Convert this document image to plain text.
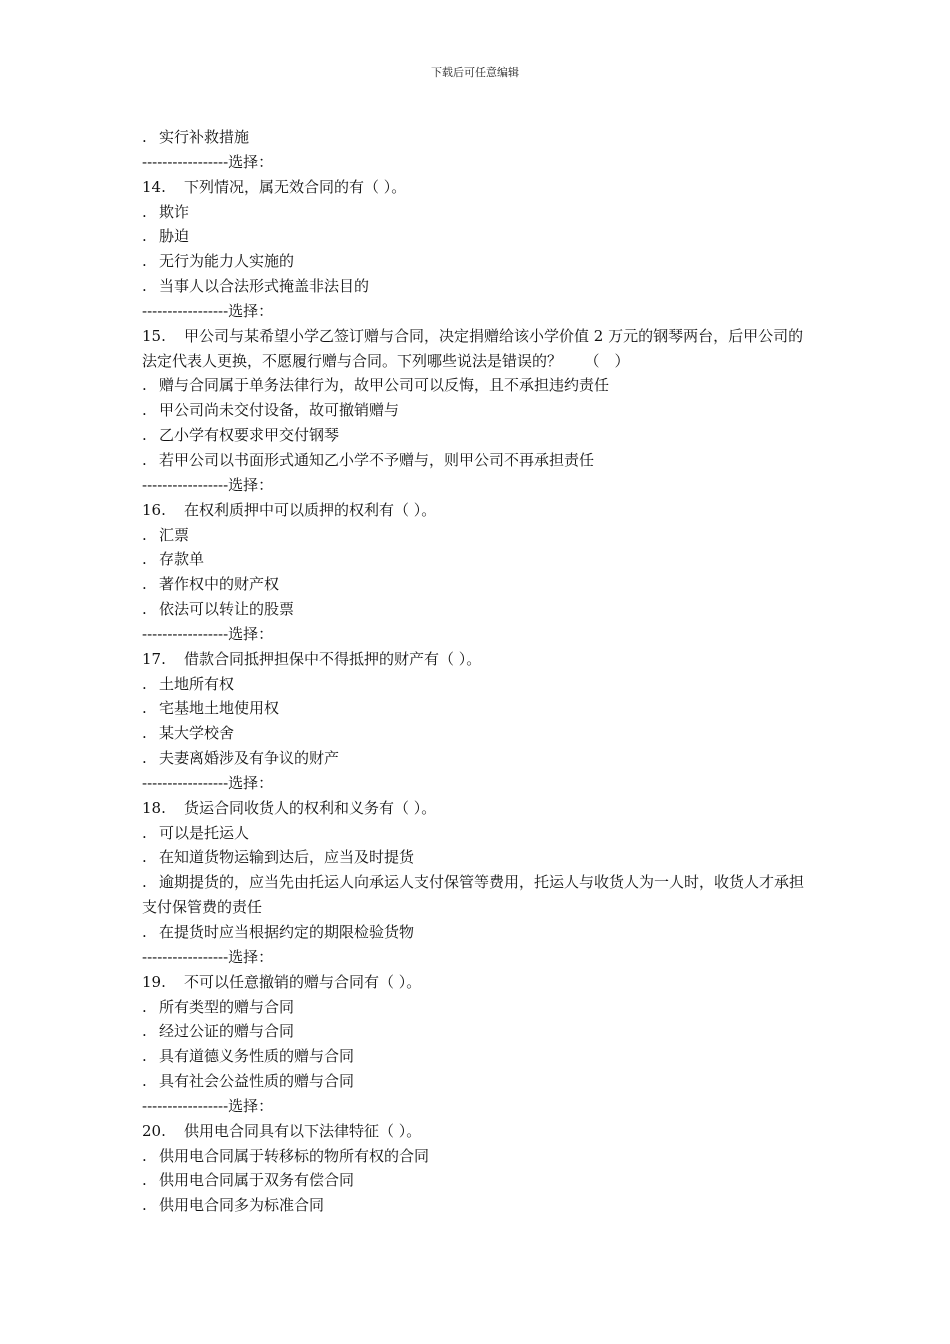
下载后可任意编辑
. 实行补救措施
-----------------选择：
14. 下列情况，属无效合同的有（ ）。
. 欺诈
. 胁迫
. 无行为能力人实施的
. 当事人以合法形式掩盖非法目的
-----------------选择：
15. 甲公司与某希望小学乙签订赠与合同，决定捐赠给该小学价值 2 万元的钢琴两台，后甲公司的法定代表人更换，不愿履行赠与合同。下列哪些说法是错误的？　　（　）
. 赠与合同属于单务法律行为，故甲公司可以反悔，且不承担违约责任
. 甲公司尚未交付设备，故可撤销赠与
. 乙小学有权要求甲交付钢琴
. 若甲公司以书面形式通知乙小学不予赠与，则甲公司不再承担责任
-----------------选择：
16. 在权利质押中可以质押的权利有（ ）。
. 汇票
. 存款单
. 著作权中的财产权
. 依法可以转让的股票
-----------------选择：
17. 借款合同抵押担保中不得抵押的财产有（ ）。
. 土地所有权
. 宅基地土地使用权
. 某大学校舍
. 夫妻离婚涉及有争议的财产
-----------------选择：
18. 货运合同收货人的权利和义务有（ ）。
. 可以是托运人
. 在知道货物运输到达后，应当及时提货
. 逾期提货的，应当先由托运人向承运人支付保管等费用，托运人与收货人为一人时，收货人才承担支付保管费的责任
. 在提货时应当根据约定的期限检验货物
-----------------选择：
19. 不可以任意撤销的赠与合同有（ ）。
. 所有类型的赠与合同
. 经过公证的赠与合同
. 具有道德义务性质的赠与合同
. 具有社会公益性质的赠与合同
-----------------选择：
20. 供用电合同具有以下法律特征（ ）。
. 供用电合同属于转移标的物所有权的合同
. 供用电合同属于双务有偿合同
. 供用电合同多为标准合同
